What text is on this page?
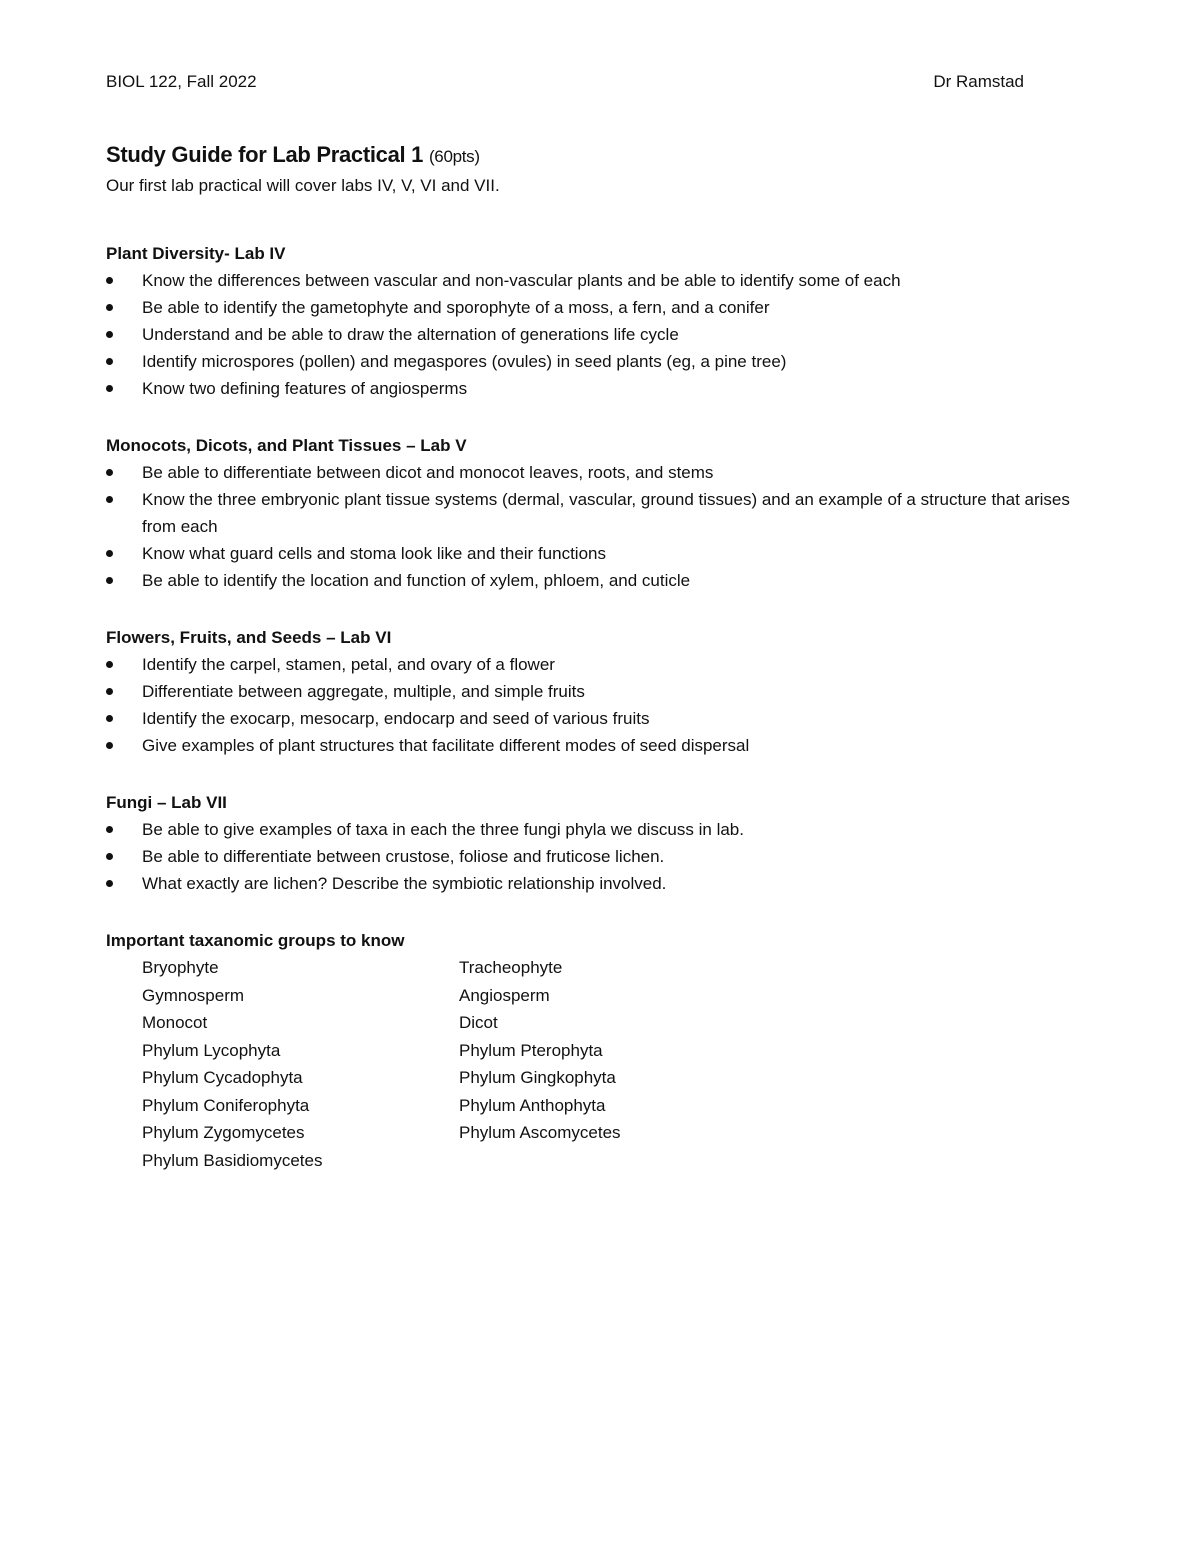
BIOL 122, Fall 2022	Dr Ramstad
Study Guide for Lab Practical 1 (60pts)
Our first lab practical will cover labs IV, V, VI and VII.
Plant Diversity- Lab IV
Know the differences between vascular and non-vascular plants and be able to identify some of each
Be able to identify the gametophyte and sporophyte of a moss, a fern, and a conifer
Understand and be able to draw the alternation of generations life cycle
Identify microspores (pollen) and megaspores (ovules) in seed plants (eg, a pine tree)
Know two defining features of angiosperms
Monocots, Dicots, and Plant Tissues – Lab V
Be able to differentiate between dicot and monocot leaves, roots, and stems
Know the three embryonic plant tissue systems (dermal, vascular, ground tissues) and an example of a structure that arises from each
Know what guard cells and stoma look like and their functions
Be able to identify the location and function of xylem, phloem, and cuticle
Flowers, Fruits, and Seeds – Lab VI
Identify the carpel, stamen, petal, and ovary of a flower
Differentiate between aggregate, multiple, and simple fruits
Identify the exocarp, mesocarp, endocarp and seed of various fruits
Give examples of plant structures that facilitate different modes of seed dispersal
Fungi – Lab VII
Be able to give examples of taxa in each the three fungi phyla we discuss in lab.
Be able to differentiate between crustose, foliose and fruticose lichen.
What exactly are lichen? Describe the symbiotic relationship involved.
Important taxanomic groups to know
Bryophyte	Tracheophyte
Gymnosperm	Angiosperm
Monocot	Dicot
Phylum Lycophyta	Phylum Pterophyta
Phylum Cycadophyta	Phylum Gingkophyta
Phylum Coniferophyta	Phylum Anthophyta
Phylum Zygomycetes	Phylum Ascomycetes
Phylum Basidiomycetes
